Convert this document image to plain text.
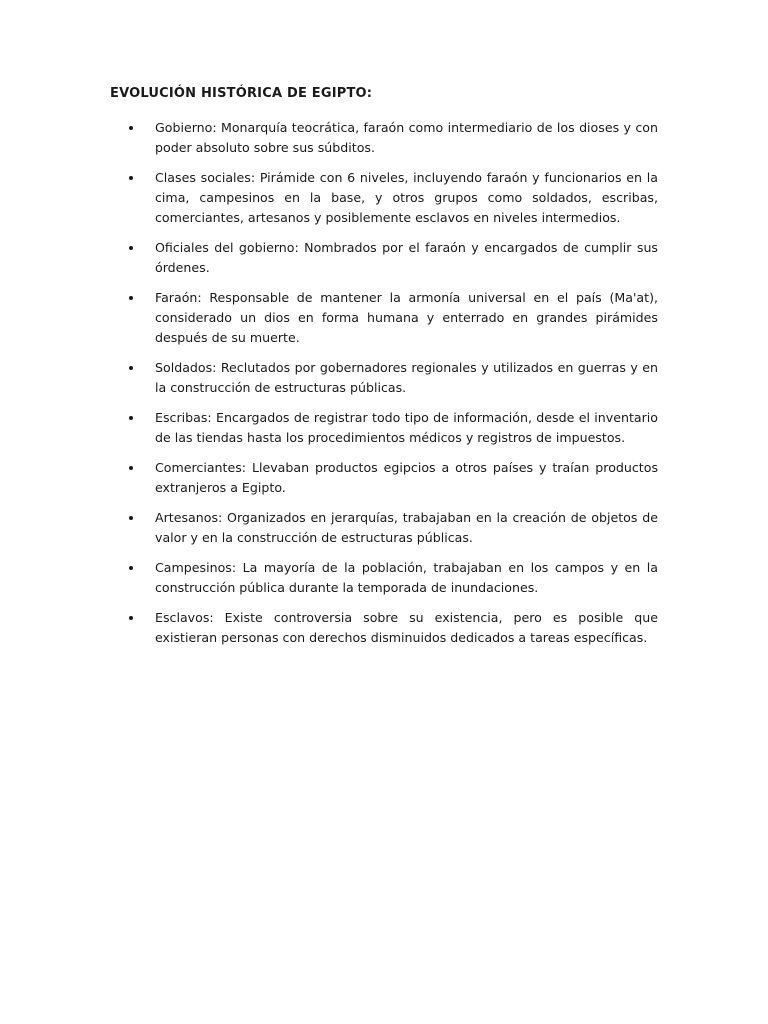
EVOLUCIÓN HISTÓRICA DE EGIPTO:
Gobierno: Monarquía teocrática, faraón como intermediario de los dioses y con poder absoluto sobre sus súbditos.
Clases sociales: Pirámide con 6 niveles, incluyendo faraón y funcionarios en la cima, campesinos en la base, y otros grupos como soldados, escribas, comerciantes, artesanos y posiblemente esclavos en niveles intermedios.
Oficiales del gobierno: Nombrados por el faraón y encargados de cumplir sus órdenes.
Faraón: Responsable de mantener la armonía universal en el país (Ma'at), considerado un dios en forma humana y enterrado en grandes pirámides después de su muerte.
Soldados: Reclutados por gobernadores regionales y utilizados en guerras y en la construcción de estructuras públicas.
Escribas: Encargados de registrar todo tipo de información, desde el inventario de las tiendas hasta los procedimientos médicos y registros de impuestos.
Comerciantes: Llevaban productos egipcios a otros países y traían productos extranjeros a Egipto.
Artesanos: Organizados en jerarquías, trabajaban en la creación de objetos de valor y en la construcción de estructuras públicas.
Campesinos: La mayoría de la población, trabajaban en los campos y en la construcción pública durante la temporada de inundaciones.
Esclavos: Existe controversia sobre su existencia, pero es posible que existieran personas con derechos disminuidos dedicados a tareas específicas.
